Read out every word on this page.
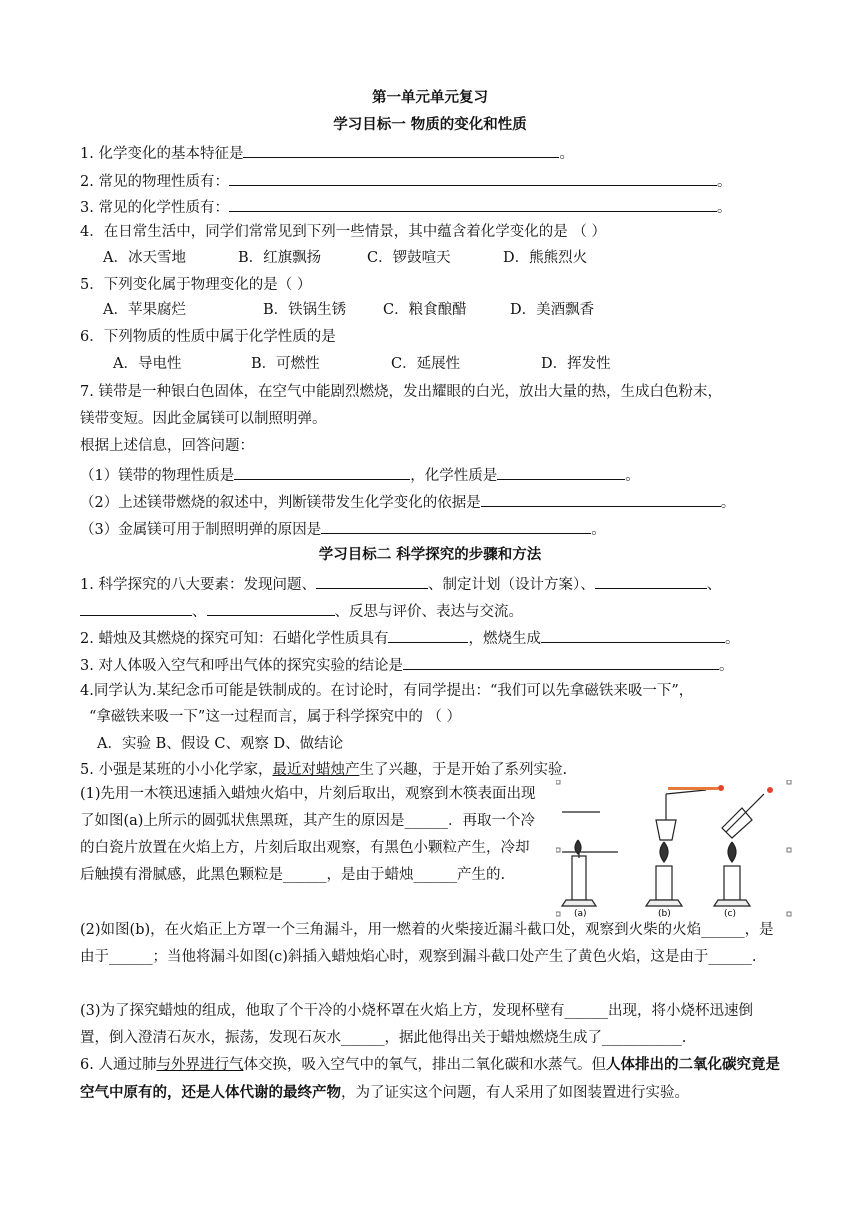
第一单元单元复习
学习目标一 物质的变化和性质
1. 化学变化的基本特征是	。
2. 常见的物理性质有：	。
3. 常见的化学性质有：	。
4．在日常生活中，同学们常常见到下列一些情景，其中蕴含着化学变化的是 （ ）
A．冰天雪地	B．红旗飘扬	C．锣鼓喧天	D．熊熊烈火
5．下列变化属于物理变化的是（ ）
A．苹果腐烂	B．铁锅生锈	C．粮食酿醋	D．美酒飘香
6．下列物质的性质中属于化学性质的是
A．导电性	B．可燃性	C．延展性	D．挥发性
7. 镁带是一种银白色固体，在空气中能剧烈燃烧，发出耀眼的白光，放出大量的热，生成白色粉末，
镁带变短。因此金属镁可以制照明弹。
根据上述信息，回答问题：
（1）镁带的物理性质是	，化学性质是	。
（2）上述镁带燃烧的叙述中，判断镁带发生化学变化的依据是	。
（3）金属镁可用于制照明弹的原因是	。
学习目标二 科学探究的步骤和方法
1. 科学探究的八大要素：发现问题、	、制定计划（设计方案）、	、
、	、反思与评价、表达与交流。
2. 蜡烛及其燃烧的探究可知：石蜡化学性质具有	，燃烧生成	。
3. 对人体吸入空气和呼出气体的探究实验的结论是	。
4.同学认为.某纪念币可能是铁制成的。在讨论时，有同学提出：“我们可以先拿磁铁来吸一下”，
“拿磁铁来吸一下”这一过程而言，属于科学探究中的 （ ）
A．实验 B、假设 C、观察 D、做结论
5. 小强是某班的小小化学家，最近对蜡烛产生了兴趣，于是开始了系列实验.
(1)先用一木筷迅速插入蜡烛火焰中，片刻后取出，观察到木筷表面出现了如图(a)上所示的圆弧状焦黑斑，其产生的原因是______．再取一个冷的白瓷片放置在火焰上方，片刻后取出观察，有黑色小颗粒产生，冷却后触摸有滑腻感，此黑色颗粒是______，是由于蜡烛______产生的.
(a)	(b)	(c)
(2)如图(b)，在火焰正上方罩一个三角漏斗，用一燃着的火柴接近漏斗截口处，观察到火柴的火焰______，是由于______；当他将漏斗如图(c)斜插入蜡烛焰心时，观察到漏斗截口处产生了黄色火焰，这是由于______.
(3)为了探究蜡烛的组成，他取了个干冷的小烧杯罩在火焰上方，发现杯壁有______出现，将小烧杯迅速倒置，倒入澄清石灰水，振荡，发现石灰水______，据此他得出关于蜡烛燃烧生成了___________.
6. 人通过肺与外界进行气体交换，吸入空气中的氧气，排出二氧化碳和水蒸气。但人体排出的二氧化碳究竟是空气中原有的，还是人体代谢的最终产物，为了证实这个问题，有人采用了如图装置进行实验。
